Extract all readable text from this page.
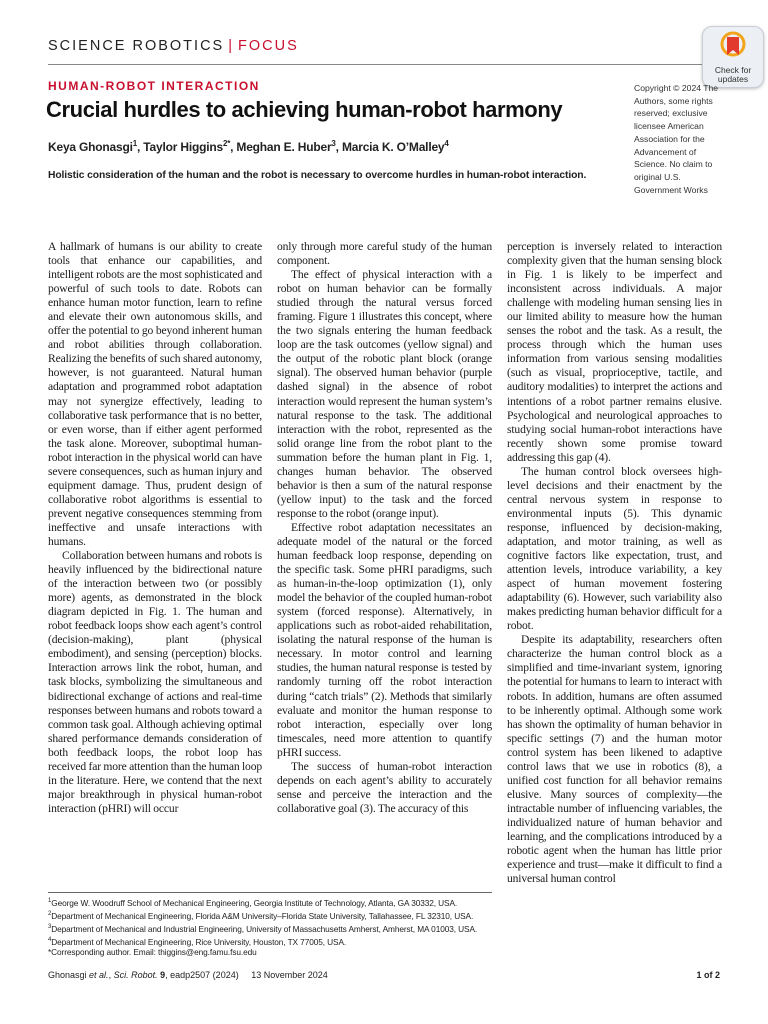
SCIENCE ROBOTICS | FOCUS
Check for
updates
HUMAN-ROBOT INTERACTION
Crucial hurdles to achieving human-robot harmony
Keya Ghonasgi$^1$, Taylor Higgins$^{2*}$, Meghan E. Huber$^3$, Marcia K. O’Malley$^4$
Holistic consideration of the human and the robot is necessary to overcome hurdles in human-robot interaction.
Copyright © 2024 The Authors, some rights reserved; exclusive licensee American Association for the Advancement of Science. No claim to original U.S. Government Works

A hallmark of humans is our ability to create tools that enhance our capabilities, and intelligent robots are the most sophisticated and powerful of such tools to date. Robots can enhance human motor function, learn to refine and elevate their own autonomous skills, and offer the potential to go beyond inherent human and robot abilities through collaboration. Realizing the benefits of such shared autonomy, however, is not guaranteed. Natural human adaptation and programmed robot adaptation may not synergize effectively, leading to collaborative task performance that is no better, or even worse, than if either agent performed the task alone. Moreover, suboptimal human-robot interaction in the physical world can have severe consequences, such as human injury and equipment damage. Thus, prudent design of collaborative robot algorithms is essential to prevent negative consequences stemming from ineffective and unsafe interactions with humans.

Collaboration between humans and robots is heavily influenced by the bidirectional nature of the interaction between two (or possibly more) agents, as demonstrated in the block diagram depicted in Fig. 1. The human and robot feedback loops show each agent’s control (decision-making), plant (physical embodiment), and sensing (perception) blocks. Interaction arrows link the robot, human, and task blocks, symbolizing the simultaneous and bidirectional exchange of actions and real-time responses between humans and robots toward a common task goal. Although achieving optimal shared performance demands consideration of both feedback loops, the robot loop has received far more attention than the human loop in the literature. Here, we contend that the next major breakthrough in physical human-robot interaction (pHRI) will occur

only through more careful study of the human component.

The effect of physical interaction with a robot on human behavior can be formally studied through the natural versus forced framing. Figure 1 illustrates this concept, where the two signals entering the human feedback loop are the task outcomes (yellow signal) and the output of the robotic plant block (orange signal). The observed human behavior (purple dashed signal) in the absence of robot interaction would represent the human system’s natural response to the task. The additional interaction with the robot, represented as the solid orange line from the robot plant to the summation before the human plant in Fig. 1, changes human behavior. The observed behavior is then a sum of the natural response (yellow input) to the task and the forced response to the robot (orange input).

Effective robot adaptation necessitates an adequate model of the natural or the forced human feedback loop response, depending on the specific task. Some pHRI paradigms, such as human-in-the-loop optimization (1), only model the behavior of the coupled human-robot system (forced response). Alternatively, in applications such as robot-aided rehabilitation, isolating the natural response of the human is necessary. In motor control and learning studies, the human natural response is tested by randomly turning off the robot interaction during “catch trials” (2). Methods that similarly evaluate and monitor the human response to robot interaction, especially over long timescales, need more attention to quantify pHRI success.

The success of human-robot interaction depends on each agent’s ability to accurately sense and perceive the interaction and the collaborative goal (3). The accuracy of this

perception is inversely related to interaction complexity given that the human sensing block in Fig. 1 is likely to be imperfect and inconsistent across individuals. A major challenge with modeling human sensing lies in our limited ability to measure how the human senses the robot and the task. As a result, the process through which the human uses information from various sensing modalities (such as visual, proprioceptive, tactile, and auditory modalities) to interpret the actions and intentions of a robot partner remains elusive. Psychological and neurological approaches to studying social human-robot interactions have recently shown some promise toward addressing this gap (4).

The human control block oversees high-level decisions and their enactment by the central nervous system in response to environmental inputs (5). This dynamic response, influenced by decision-making, adaptation, and motor training, as well as cognitive factors like expectation, trust, and attention levels, introduce variability, a key aspect of human movement fostering adaptability (6). However, such variability also makes predicting human behavior difficult for a robot.

Despite its adaptability, researchers often characterize the human control block as a simplified and time-invariant system, ignoring the potential for humans to learn to interact with robots. In addition, humans are often assumed to be inherently optimal. Although some work has shown the optimality of human behavior in specific settings (7) and the human motor control system has been likened to adaptive control laws that we use in robotics (8), a unified cost function for all behavior remains elusive. Many sources of complexity—the intractable number of influencing variables, the individualized nature of human behavior and learning, and the complications introduced by a robotic agent when the human has little prior experience and trust—make it difficult to find a universal human control

$^1$George W. Woodruff School of Mechanical Engineering, Georgia Institute of Technology, Atlanta, GA 30332, USA. $^2$Department of Mechanical Engineering, Florida A&M University–Florida State University, Tallahassee, FL 32310, USA. $^3$Department of Mechanical and Industrial Engineering, University of Massachusetts Amherst, Amherst, MA 01003, USA. $^4$Department of Mechanical Engineering, Rice University, Houston, TX 77005, USA.
*Corresponding author. Email: thiggins@eng.famu.fsu.edu
Ghonasgi et al., Sci. Robot. 9, eadp2507 (2024) 13 November 2024	1 of 2
